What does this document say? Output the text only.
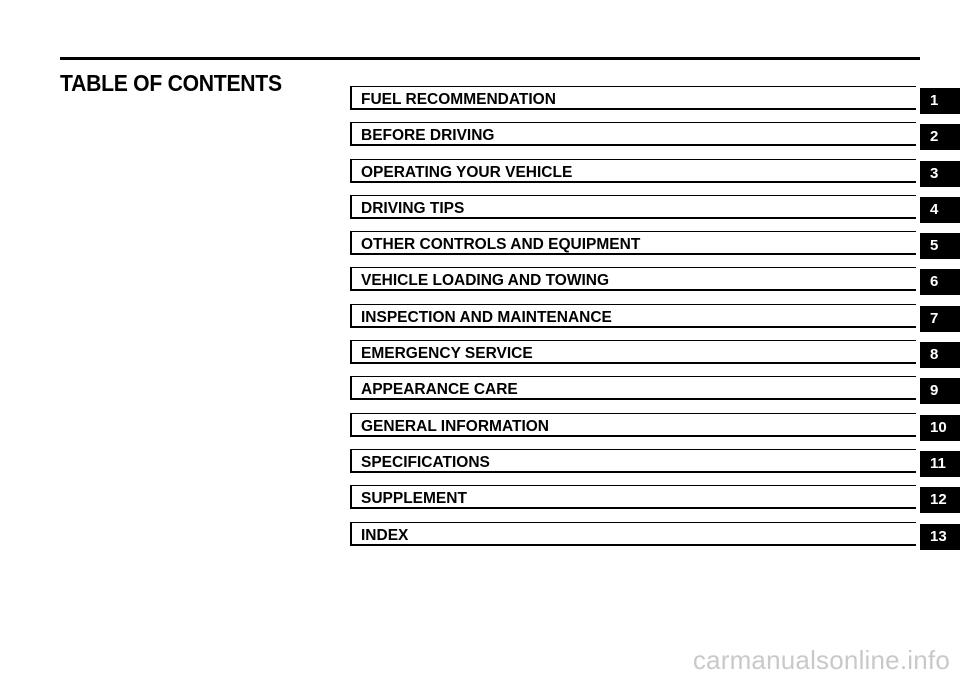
TABLE OF CONTENTS
FUEL RECOMMENDATION	1
BEFORE DRIVING	2
OPERATING YOUR VEHICLE	3
DRIVING TIPS	4
OTHER CONTROLS AND EQUIPMENT	5
VEHICLE LOADING AND TOWING	6
INSPECTION AND MAINTENANCE	7
EMERGENCY SERVICE	8
APPEARANCE CARE	9
GENERAL INFORMATION	10
SPECIFICATIONS	11
SUPPLEMENT	12
INDEX	13
carmanualsonline.info
